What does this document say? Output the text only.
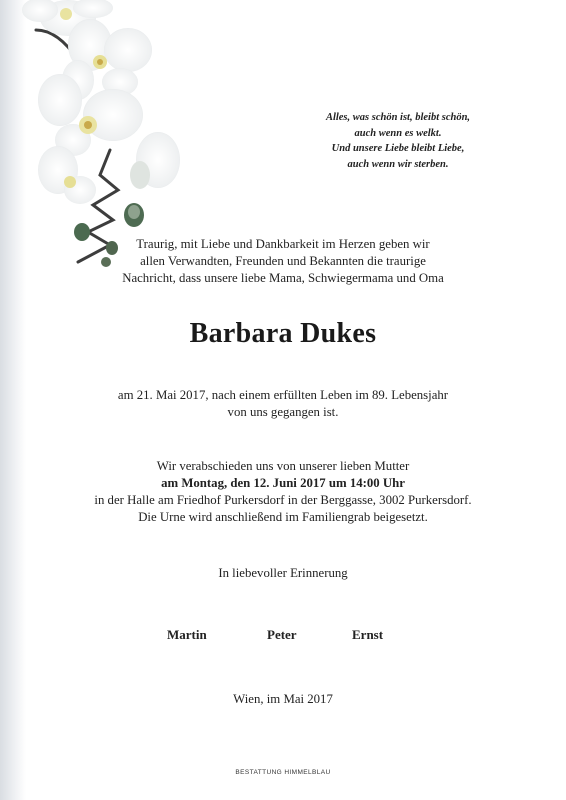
Alles, was schön ist, bleibt schön,
auch wenn es welkt.
Und unsere Liebe bleibt Liebe,
auch wenn wir sterben.
Traurig, mit Liebe und Dankbarkeit im Herzen geben wir
allen Verwandten, Freunden und Bekannten die traurige
Nachricht, dass unsere liebe Mama, Schwiegermama und Oma
Barbara Dukes
am 21. Mai 2017, nach einem erfüllten Leben im 89. Lebensjahr
von uns gegangen ist.
Wir verabschieden uns von unserer lieben Mutter
am Montag, den 12. Juni 2017 um 14:00 Uhr
in der Halle am Friedhof Purkersdorf in der Berggasse, 3002 Purkersdorf.
Die Urne wird anschließend im Familiengrab beigesetzt.
In liebevoller Erinnerung
Martin	Peter	Ernst
Wien, im Mai 2017
BESTATTUNG HIMMELBLAU
